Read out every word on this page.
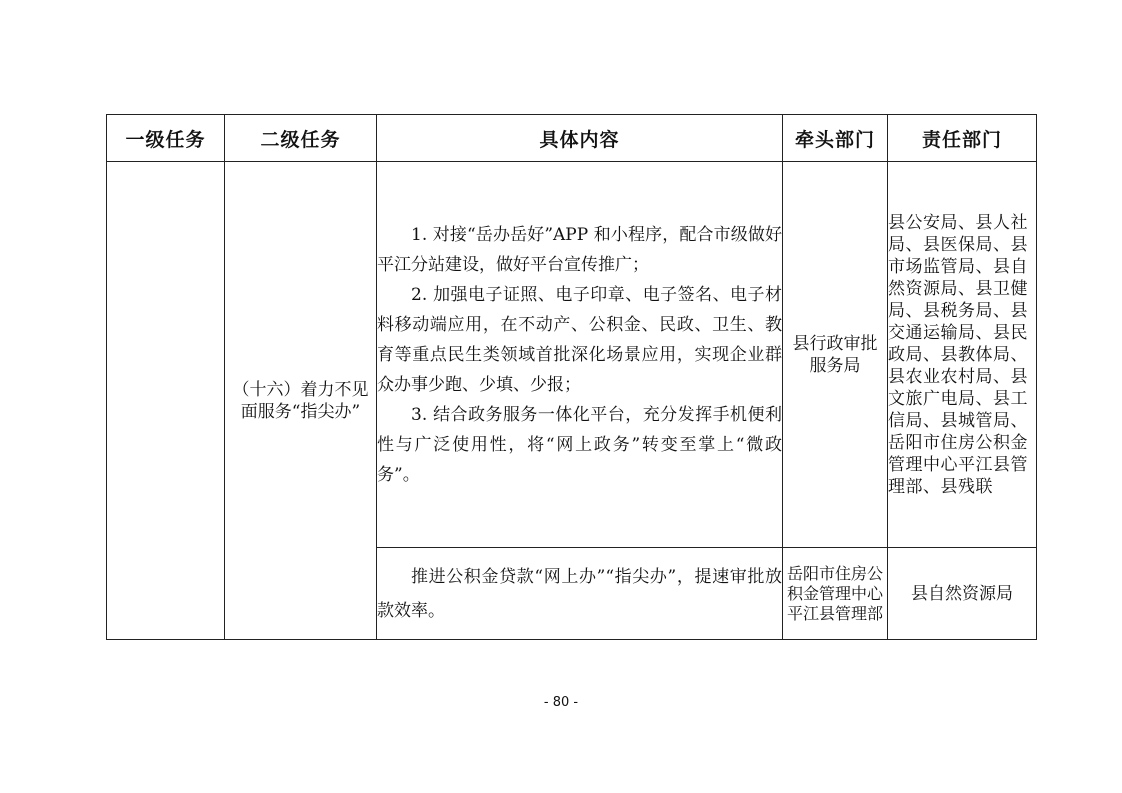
一级任务	二级任务	具体内容	牵头部门	责任部门
	（十六）着力不见面服务“指尖办”	1. 对接“岳办岳好”APP 和小程序，配合市级做好平江分站建设，做好平台宣传推广；

2. 加强电子证照、电子印章、电子签名、电子材料移动端应用，在不动产、公积金、民政、卫生、教育等重点民生类领域首批深化场景应用，实现企业群众办事少跑、少填、少报；

3. 结合政务服务一体化平台，充分发挥手机便利性与广泛使用性，将“网上政务”转变至掌上“微政务”。	县行政审批服务局	县公安局、县人社局、县医保局、县市场监管局、县自然资源局、县卫健局、县税务局、县交通运输局、县民政局、县教体局、县农业农村局、县文旅广电局、县工信局、县城管局、岳阳市住房公积金管理中心平江县管理部、县残联

		推进公积金贷款“网上办”“指尖办”，提速审批放款效率。	岳阳市住房公积金管理中心平江县管理部	县自然资源局
- 80 -
